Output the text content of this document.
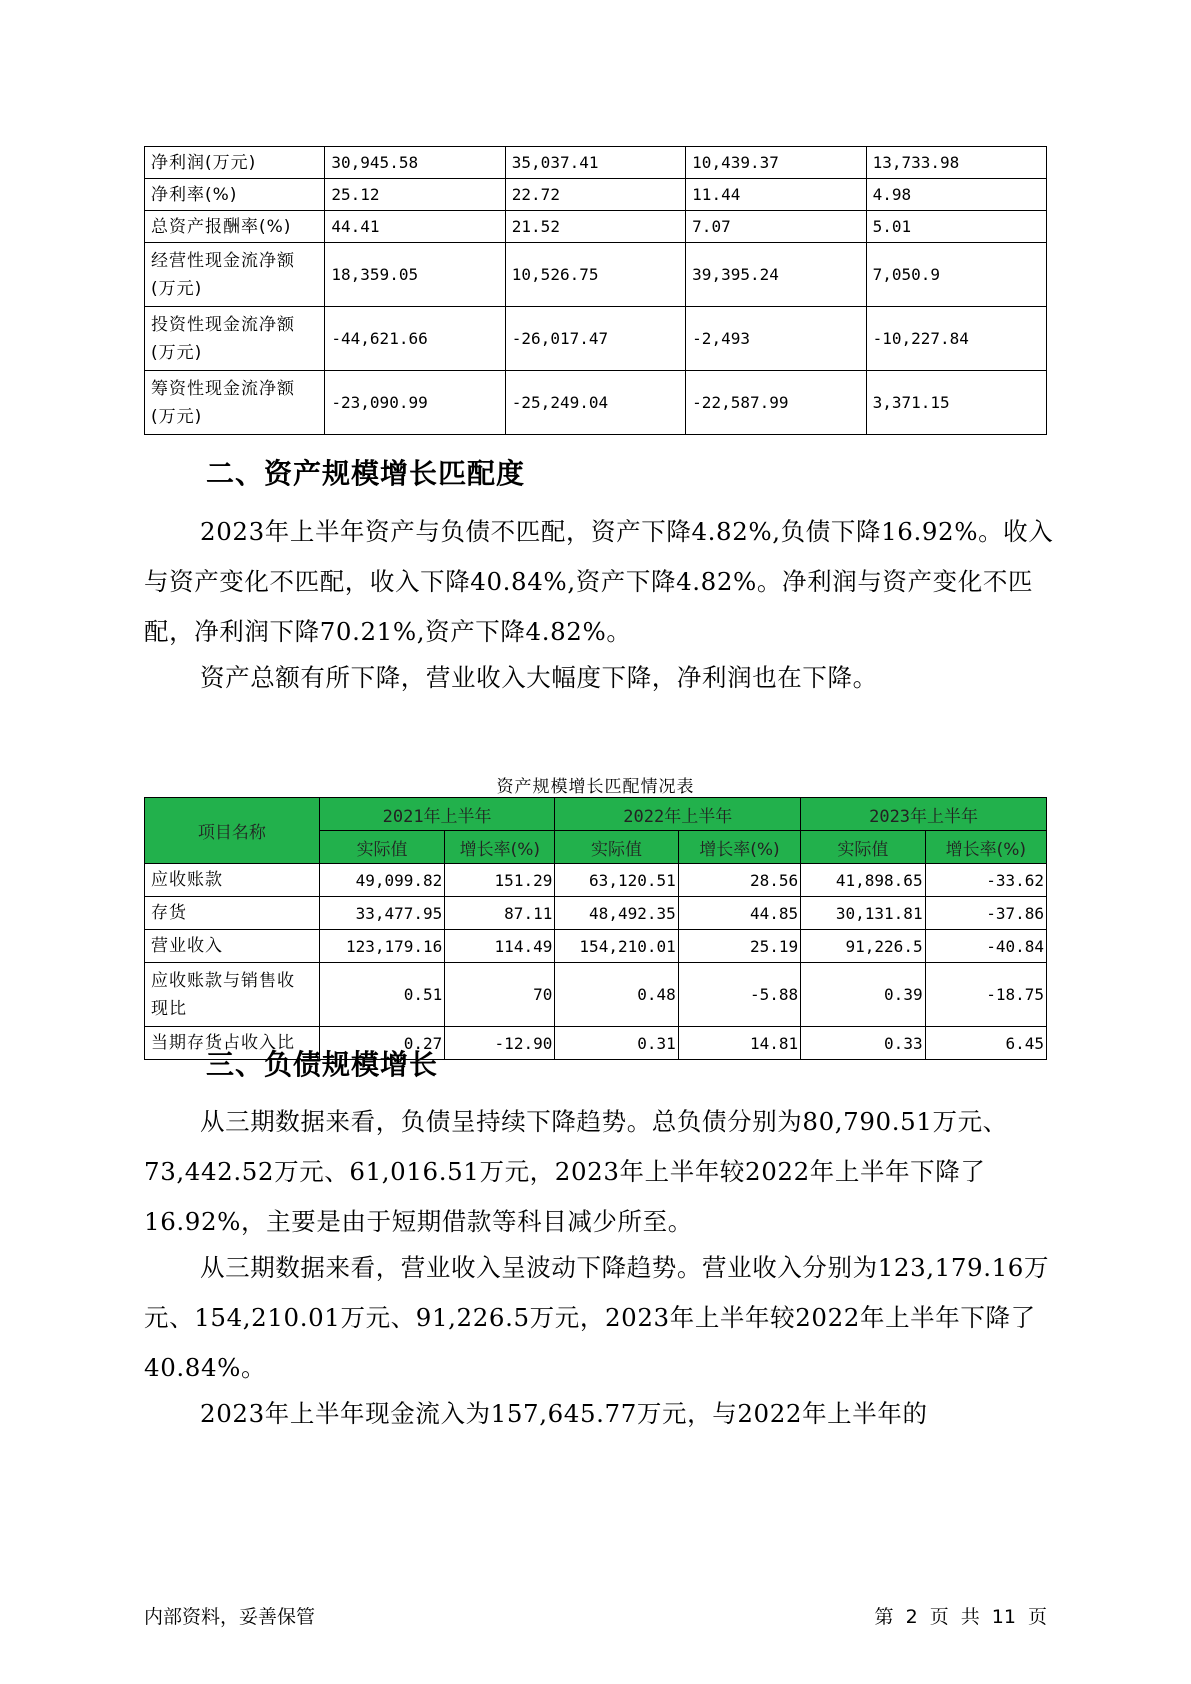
净利润(万元)	30,945.58	35,037.41	10,439.37	13,733.98
净利率(%)	25.12	22.72	11.44	4.98
总资产报酬率(%)	44.41	21.52	7.07	5.01
经营性现金流净额(万元)	18,359.05	10,526.75	39,395.24	7,050.9
投资性现金流净额(万元)	-44,621.66	-26,017.47	-2,493	-10,227.84
筹资性现金流净额(万元)	-23,090.99	-25,249.04	-22,587.99	3,371.15
二、资产规模增长匹配度

2023年上半年资产与负债不匹配，资产下降4.82%,负债下降16.92%。收入与资产变化不匹配，收入下降40.84%,资产下降4.82%。净利润与资产变化不匹配，净利润下降70.21%,资产下降4.82%。

资产总额有所下降，营业收入大幅度下降，净利润也在下降。

资产规模增长匹配情况表
项目名称	2021年上半年		2022年上半年		2023年上半年	
	实际值	增长率(%)	实际值	增长率(%)	实际值	增长率(%)
应收账款	49,099.82	151.29	63,120.51	28.56	41,898.65	-33.62
存货	33,477.95	87.11	48,492.35	44.85	30,131.81	-37.86
营业收入	123,179.16	114.49	154,210.01	25.19	91,226.5	-40.84
应收账款与销售收现比	0.51	70	0.48	-5.88	0.39	-18.75
当期存货占收入比	0.27	-12.90	0.31	14.81	0.33	6.45
三、负债规模增长

从三期数据来看，负债呈持续下降趋势。总负债分别为80,790.51万元、73,442.52万元、61,016.51万元，2023年上半年较2022年上半年下降了16.92%，主要是由于短期借款等科目减少所至。

从三期数据来看，营业收入呈波动下降趋势。营业收入分别为123,179.16万元、154,210.01万元、91,226.5万元，2023年上半年较2022年上半年下降了40.84%。

2023年上半年现金流入为157,645.77万元，与2022年上半年的

内部资料，妥善保管	第 2 页 共 11 页
